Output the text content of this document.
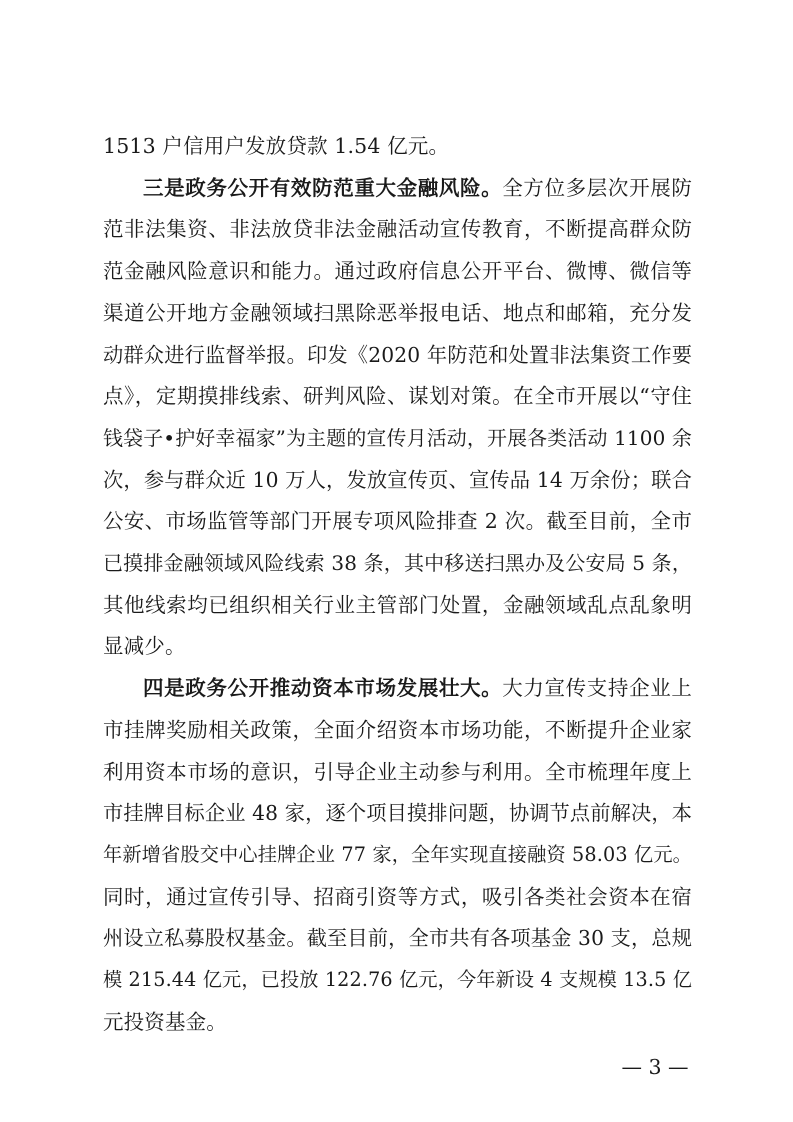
1513 户信用户发放贷款 1.54 亿元。
三是政务公开有效防范重大金融风险。全方位多层次开展防
范非法集资、非法放贷非法金融活动宣传教育，不断提高群众防
范金融风险意识和能力。通过政府信息公开平台、微博、微信等
渠道公开地方金融领域扫黑除恶举报电话、地点和邮箱，充分发
动群众进行监督举报。印发《2020 年防范和处置非法集资工作要
点》，定期摸排线索、研判风险、谋划对策。在全市开展以“守住
钱袋子•护好幸福家”为主题的宣传月活动，开展各类活动 1100 余
次，参与群众近 10 万人，发放宣传页、宣传品 14 万余份；联合
公安、市场监管等部门开展专项风险排查 2 次。截至目前，全市
已摸排金融领域风险线索 38 条，其中移送扫黑办及公安局 5 条，
其他线索均已组织相关行业主管部门处置，金融领域乱点乱象明
显减少。
四是政务公开推动资本市场发展壮大。大力宣传支持企业上
市挂牌奖励相关政策，全面介绍资本市场功能，不断提升企业家
利用资本市场的意识，引导企业主动参与利用。全市梳理年度上
市挂牌目标企业 48 家，逐个项目摸排问题，协调节点前解决，本
年新增省股交中心挂牌企业 77 家，全年实现直接融资 58.03 亿元。
同时，通过宣传引导、招商引资等方式，吸引各类社会资本在宿
州设立私募股权基金。截至目前，全市共有各项基金 30 支，总规
模 215.44 亿元，已投放 122.76 亿元，今年新设 4 支规模 13.5 亿
元投资基金。
— 3 —
